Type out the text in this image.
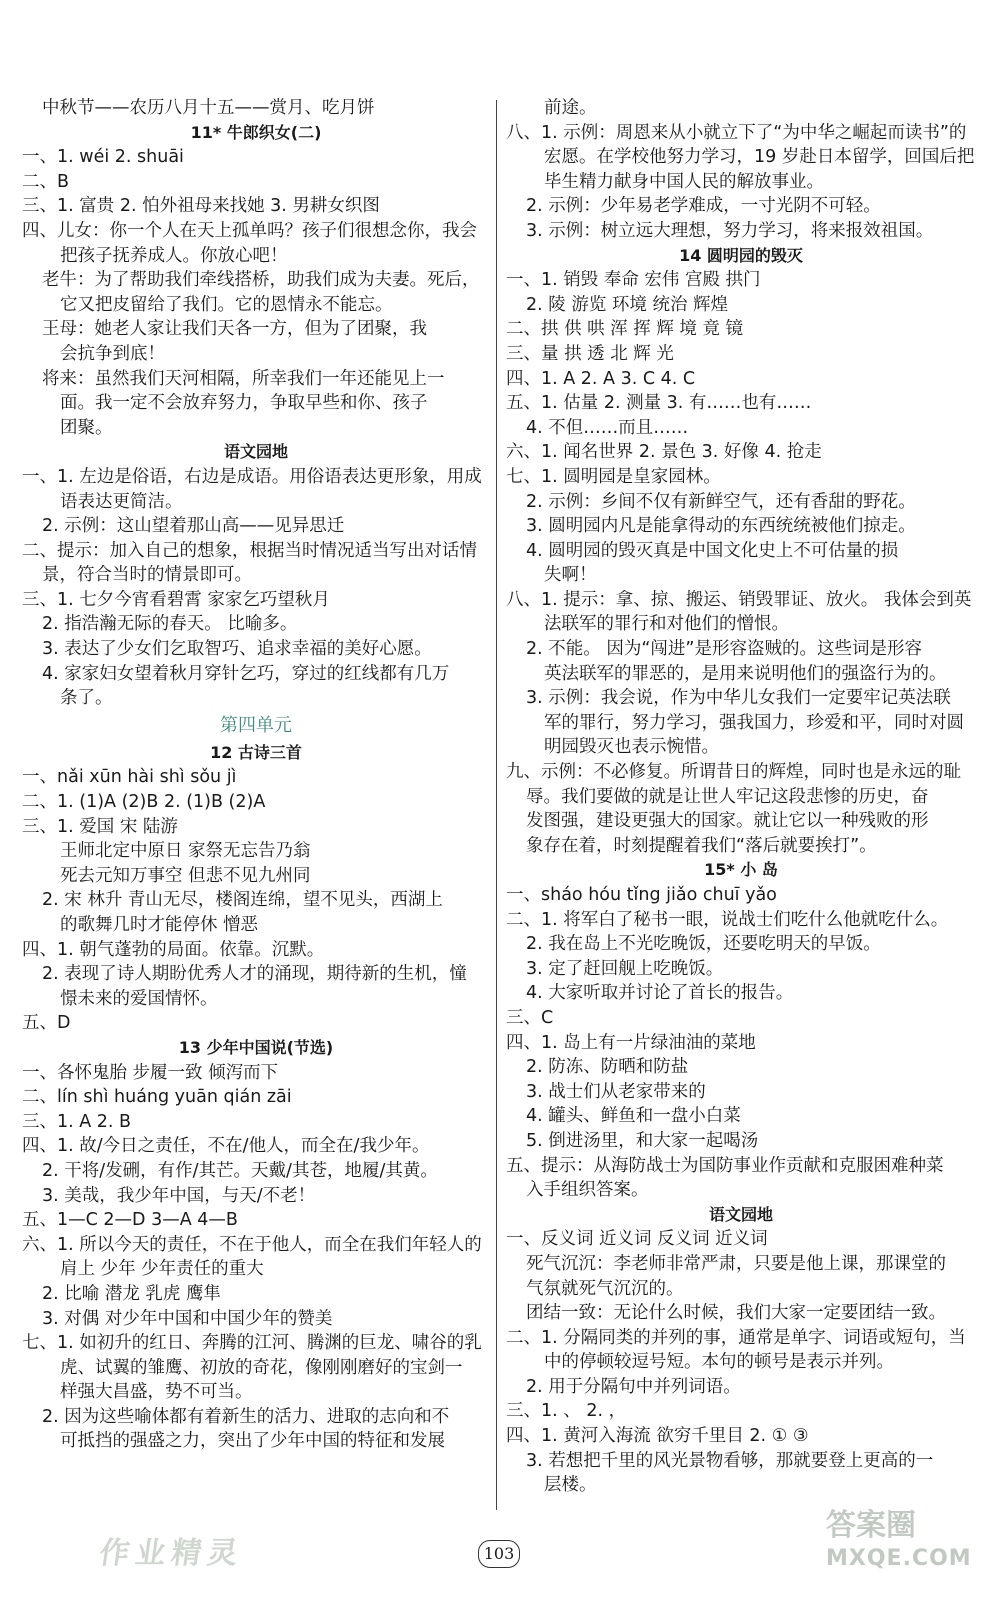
中秋节——农历八月十五——赏月、吃月饼
11* 牛郎织女(二)
一、1. wéi 2. shuāi
二、B
三、1. 富贵 2. 怕外祖母来找她 3. 男耕女织图
四、儿女：你一个人在天上孤单吗？孩子们很想念你，我会
把孩子抚养成人。你放心吧！
老牛：为了帮助我们牵线搭桥，助我们成为夫妻。死后，
它又把皮留给了我们。它的恩情永不能忘。
王母：她老人家让我们天各一方，但为了团聚，我
会抗争到底！
将来：虽然我们天河相隔，所幸我们一年还能见上一
面。我一定不会放弃努力，争取早些和你、孩子
团聚。
语文园地
一、1. 左边是俗语，右边是成语。用俗语表达更形象，用成
语表达更简洁。
2. 示例：这山望着那山高——见异思迁
二、提示：加入自己的想象，根据当时情况适当写出对话情
景，符合当时的情景即可。
三、1. 七夕今宵看碧霄 家家乞巧望秋月
2. 指浩瀚无际的春天。 比喻多。
3. 表达了少女们乞取智巧、追求幸福的美好心愿。
4. 家家妇女望着秋月穿针乞巧，穿过的红线都有几万
条了。
第四单元
12 古诗三首
一、nǎi xūn hài shì sǒu jì
二、1. (1)A (2)B 2. (1)B (2)A
三、1. 爱国 宋 陆游
王师北定中原日 家祭无忘告乃翁
死去元知万事空 但悲不见九州同
2. 宋 林升 青山无尽，楼阁连绵，望不见头，西湖上
的歌舞几时才能停休 憎恶
四、1. 朝气蓬勃的局面。依靠。沉默。
2. 表现了诗人期盼优秀人才的涌现，期待新的生机，憧
憬未来的爱国情怀。
五、D
13 少年中国说(节选)
一、各怀鬼胎 步履一致 倾泻而下
二、lín shì huáng yuān qián zāi
三、1. A 2. B
四、1. 故/今日之责任，不在/他人，而全在/我少年。
2. 干将/发硎，有作/其芒。天戴/其苍，地履/其黄。
3. 美哉，我少年中国，与天/不老！
五、1—C 2—D 3—A 4—B
六、1. 所以今天的责任，不在于他人，而全在我们年轻人的
肩上 少年 少年责任的重大
2. 比喻 潜龙 乳虎 鹰隼
3. 对偶 对少年中国和中国少年的赞美
七、1. 如初升的红日、奔腾的江河、腾渊的巨龙、啸谷的乳
虎、试翼的雏鹰、初放的奇花，像刚刚磨好的宝剑一
样强大昌盛，势不可当。
2. 因为这些喻体都有着新生的活力、进取的志向和不
可抵挡的强盛之力，突出了少年中国的特征和发展
前途。
八、1. 示例：周恩来从小就立下了“为中华之崛起而读书”的
宏愿。在学校他努力学习，19 岁赴日本留学，回国后把
毕生精力献身中国人民的解放事业。
2. 示例：少年易老学难成，一寸光阴不可轻。
3. 示例：树立远大理想，努力学习，将来报效祖国。
14 圆明园的毁灭
一、1. 销毁 奉命 宏伟 宫殿 拱门
2. 陵 游览 环境 统治 辉煌
二、拱 供 哄 浑 挥 辉 境 竟 镜
三、量 拱 透 北 辉 光
四、1. A 2. A 3. C 4. C
五、1. 估量 2. 测量 3. 有……也有……
4. 不但……而且……
六、1. 闻名世界 2. 景色 3. 好像 4. 抢走
七、1. 圆明园是皇家园林。
2. 示例：乡间不仅有新鲜空气，还有香甜的野花。
3. 圆明园内凡是能拿得动的东西统统被他们掠走。
4. 圆明园的毁灭真是中国文化史上不可估量的损
失啊！
八、1. 提示：拿、掠、搬运、销毁罪证、放火。 我体会到英
法联军的罪行和对他们的憎恨。
2. 不能。 因为“闯进”是形容盗贼的。这些词是形容
英法联军的罪恶的，是用来说明他们的强盗行为的。
3. 示例：我会说，作为中华儿女我们一定要牢记英法联
军的罪行，努力学习，强我国力，珍爱和平，同时对圆
明园毁灭也表示惋惜。
九、示例：不必修复。所谓昔日的辉煌，同时也是永远的耻
辱。我们要做的就是让世人牢记这段悲惨的历史，奋
发图强，建设更强大的国家。就让它以一种残败的形
象存在着，时刻提醒着我们“落后就要挨打”。
15* 小 岛
一、sháo hóu tǐng jiǎo chuī yǎo
二、1. 将军白了秘书一眼，说战士们吃什么他就吃什么。
2. 我在岛上不光吃晚饭，还要吃明天的早饭。
3. 定了赶回舰上吃晚饭。
4. 大家听取并讨论了首长的报告。
三、C
四、1. 岛上有一片绿油油的菜地
2. 防冻、防晒和防盐
3. 战士们从老家带来的
4. 罐头、鲜鱼和一盘小白菜
5. 倒进汤里，和大家一起喝汤
五、提示：从海防战士为国防事业作贡献和克服困难种菜
入手组织答案。
语文园地
一、反义词 近义词 反义词 近义词
死气沉沉：李老师非常严肃，只要是他上课，那课堂的
气氛就死气沉沉的。
团结一致：无论什么时候，我们大家一定要团结一致。
二、1. 分隔同类的并列的事，通常是单字、词语或短句，当
中的停顿较逗号短。本句的顿号是表示并列。
2. 用于分隔句中并列词语。
三、1. 、 2. ，
四、1. 黄河入海流 欲穷千里目 2. ① ③
3. 若想把千里的风光景物看够，那就要登上更高的一
层楼。
作业精灵	103
答案圈
MXQE.COM
